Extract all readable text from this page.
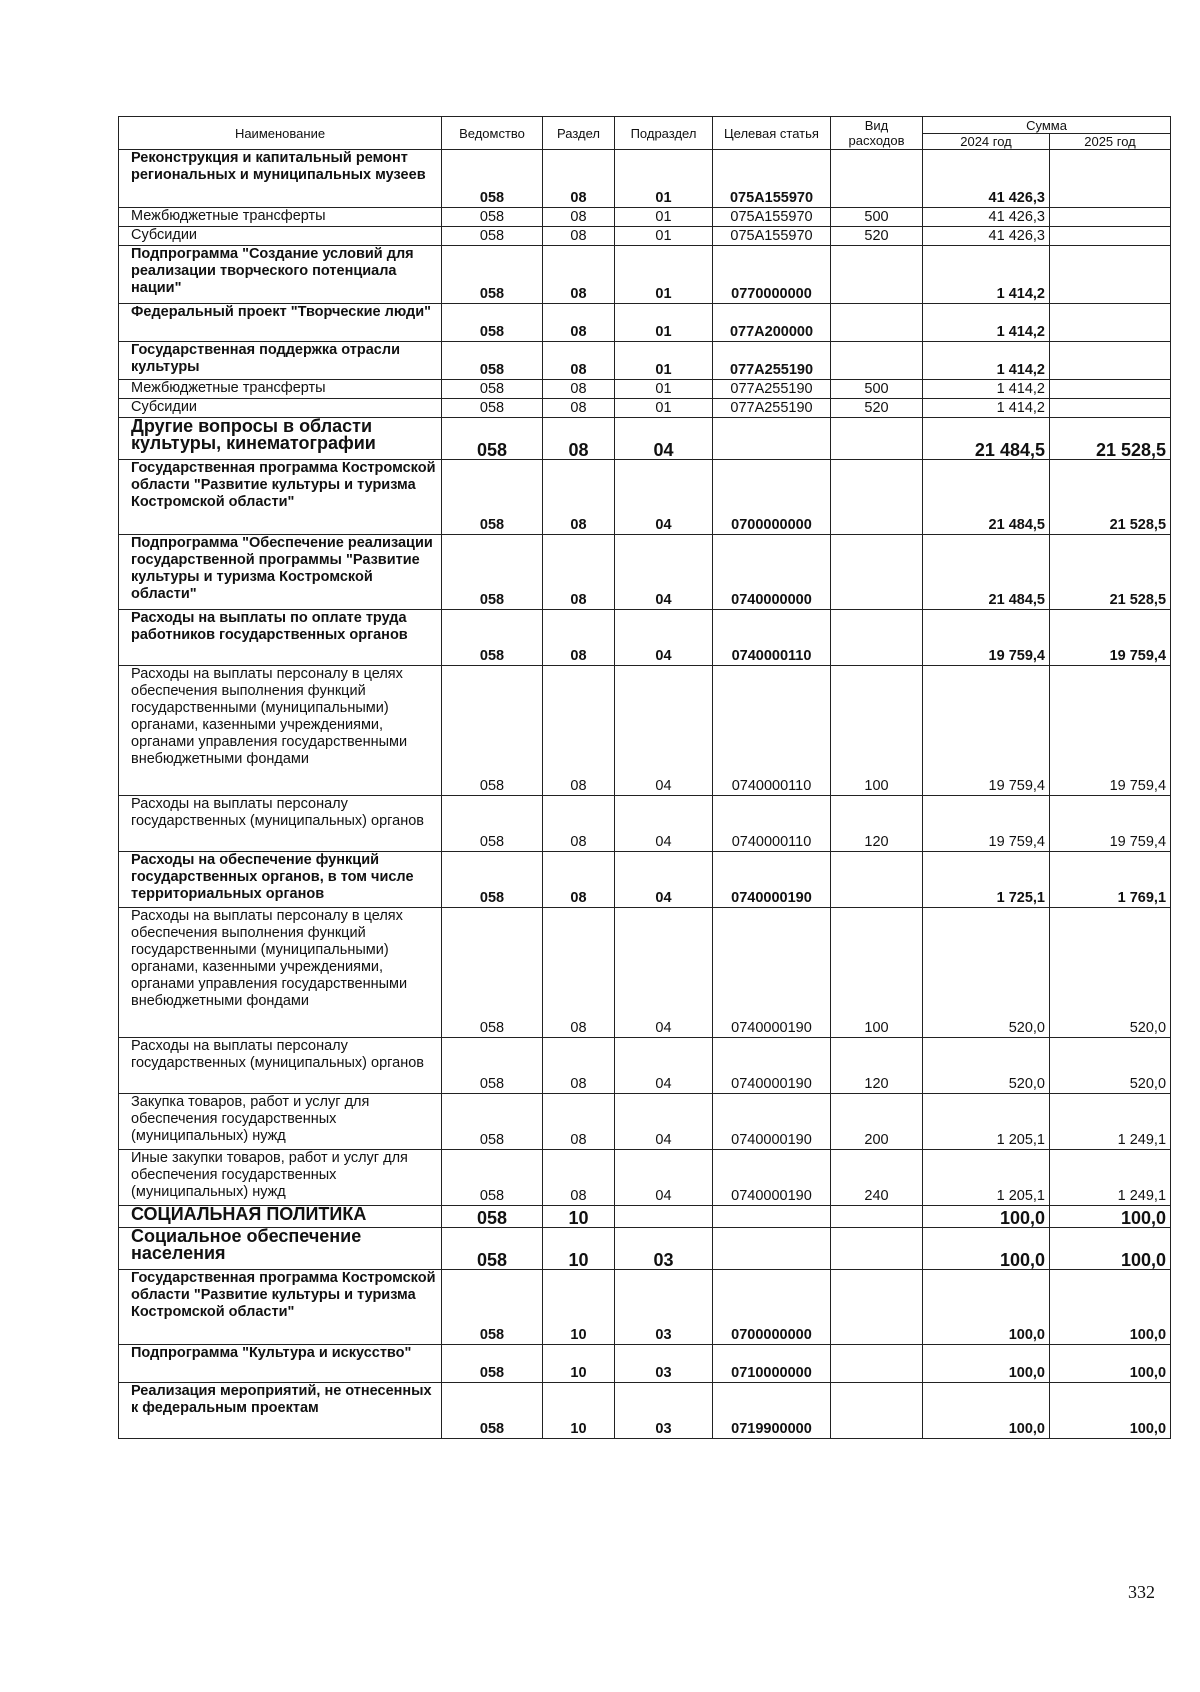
Наименование	Ведомство	Раздел	Подраздел	Целевая статья	Вид расходов	Сумма	
						2024 год	2025 год
Реконструкция и капитальный ремонт региональных и муниципальных музеев	058	08	01	075А155970		41 426,3	
Межбюджетные трансферты	058	08	01	075А155970	500	41 426,3	
Субсидии	058	08	01	075А155970	520	41 426,3	
Подпрограмма "Создание условий для реализации творческого потенциала нации"	058	08	01	0770000000		1 414,2	
Федеральный проект "Творческие люди"	058	08	01	077А200000		1 414,2	
Государственная поддержка отрасли культуры	058	08	01	077А255190		1 414,2	
Межбюджетные трансферты	058	08	01	077А255190	500	1 414,2	
Субсидии	058	08	01	077А255190	520	1 414,2	
Другие вопросы в области культуры, кинематографии	058	08	04			21 484,5	21 528,5
Государственная программа Костромской области "Развитие культуры и туризма Костромской области"	058	08	04	0700000000		21 484,5	21 528,5
Подпрограмма "Обеспечение реализации государственной программы "Развитие культуры и туризма Костромской области"	058	08	04	0740000000		21 484,5	21 528,5
Расходы на выплаты по оплате труда работников государственных органов	058	08	04	0740000110		19 759,4	19 759,4
Расходы на выплаты персоналу в целях обеспечения выполнения функций государственными (муниципальными) органами, казенными учреждениями, органами управления государственными внебюджетными фондами	058	08	04	0740000110	100	19 759,4	19 759,4
Расходы на выплаты персоналу государственных (муниципальных) органов	058	08	04	0740000110	120	19 759,4	19 759,4
Расходы на обеспечение функций государственных органов, в том числе территориальных органов	058	08	04	0740000190		1 725,1	1 769,1
Расходы на выплаты персоналу в целях обеспечения выполнения функций государственными (муниципальными) органами, казенными учреждениями, органами управления государственными внебюджетными фондами	058	08	04	0740000190	100	520,0	520,0
Расходы на выплаты персоналу государственных (муниципальных) органов	058	08	04	0740000190	120	520,0	520,0
Закупка товаров, работ и услуг для обеспечения государственных (муниципальных) нужд	058	08	04	0740000190	200	1 205,1	1 249,1
Иные закупки товаров, работ и услуг для обеспечения государственных (муниципальных) нужд	058	08	04	0740000190	240	1 205,1	1 249,1
СОЦИАЛЬНАЯ ПОЛИТИКА	058	10				100,0	100,0
Социальное обеспечение населения	058	10	03			100,0	100,0
Государственная программа Костромской области "Развитие культуры и туризма Костромской области"	058	10	03	0700000000		100,0	100,0
Подпрограмма "Культура и искусство"	058	10	03	0710000000		100,0	100,0
Реализация мероприятий, не отнесенных к федеральным проектам	058	10	03	0719900000		100,0	100,0
332
